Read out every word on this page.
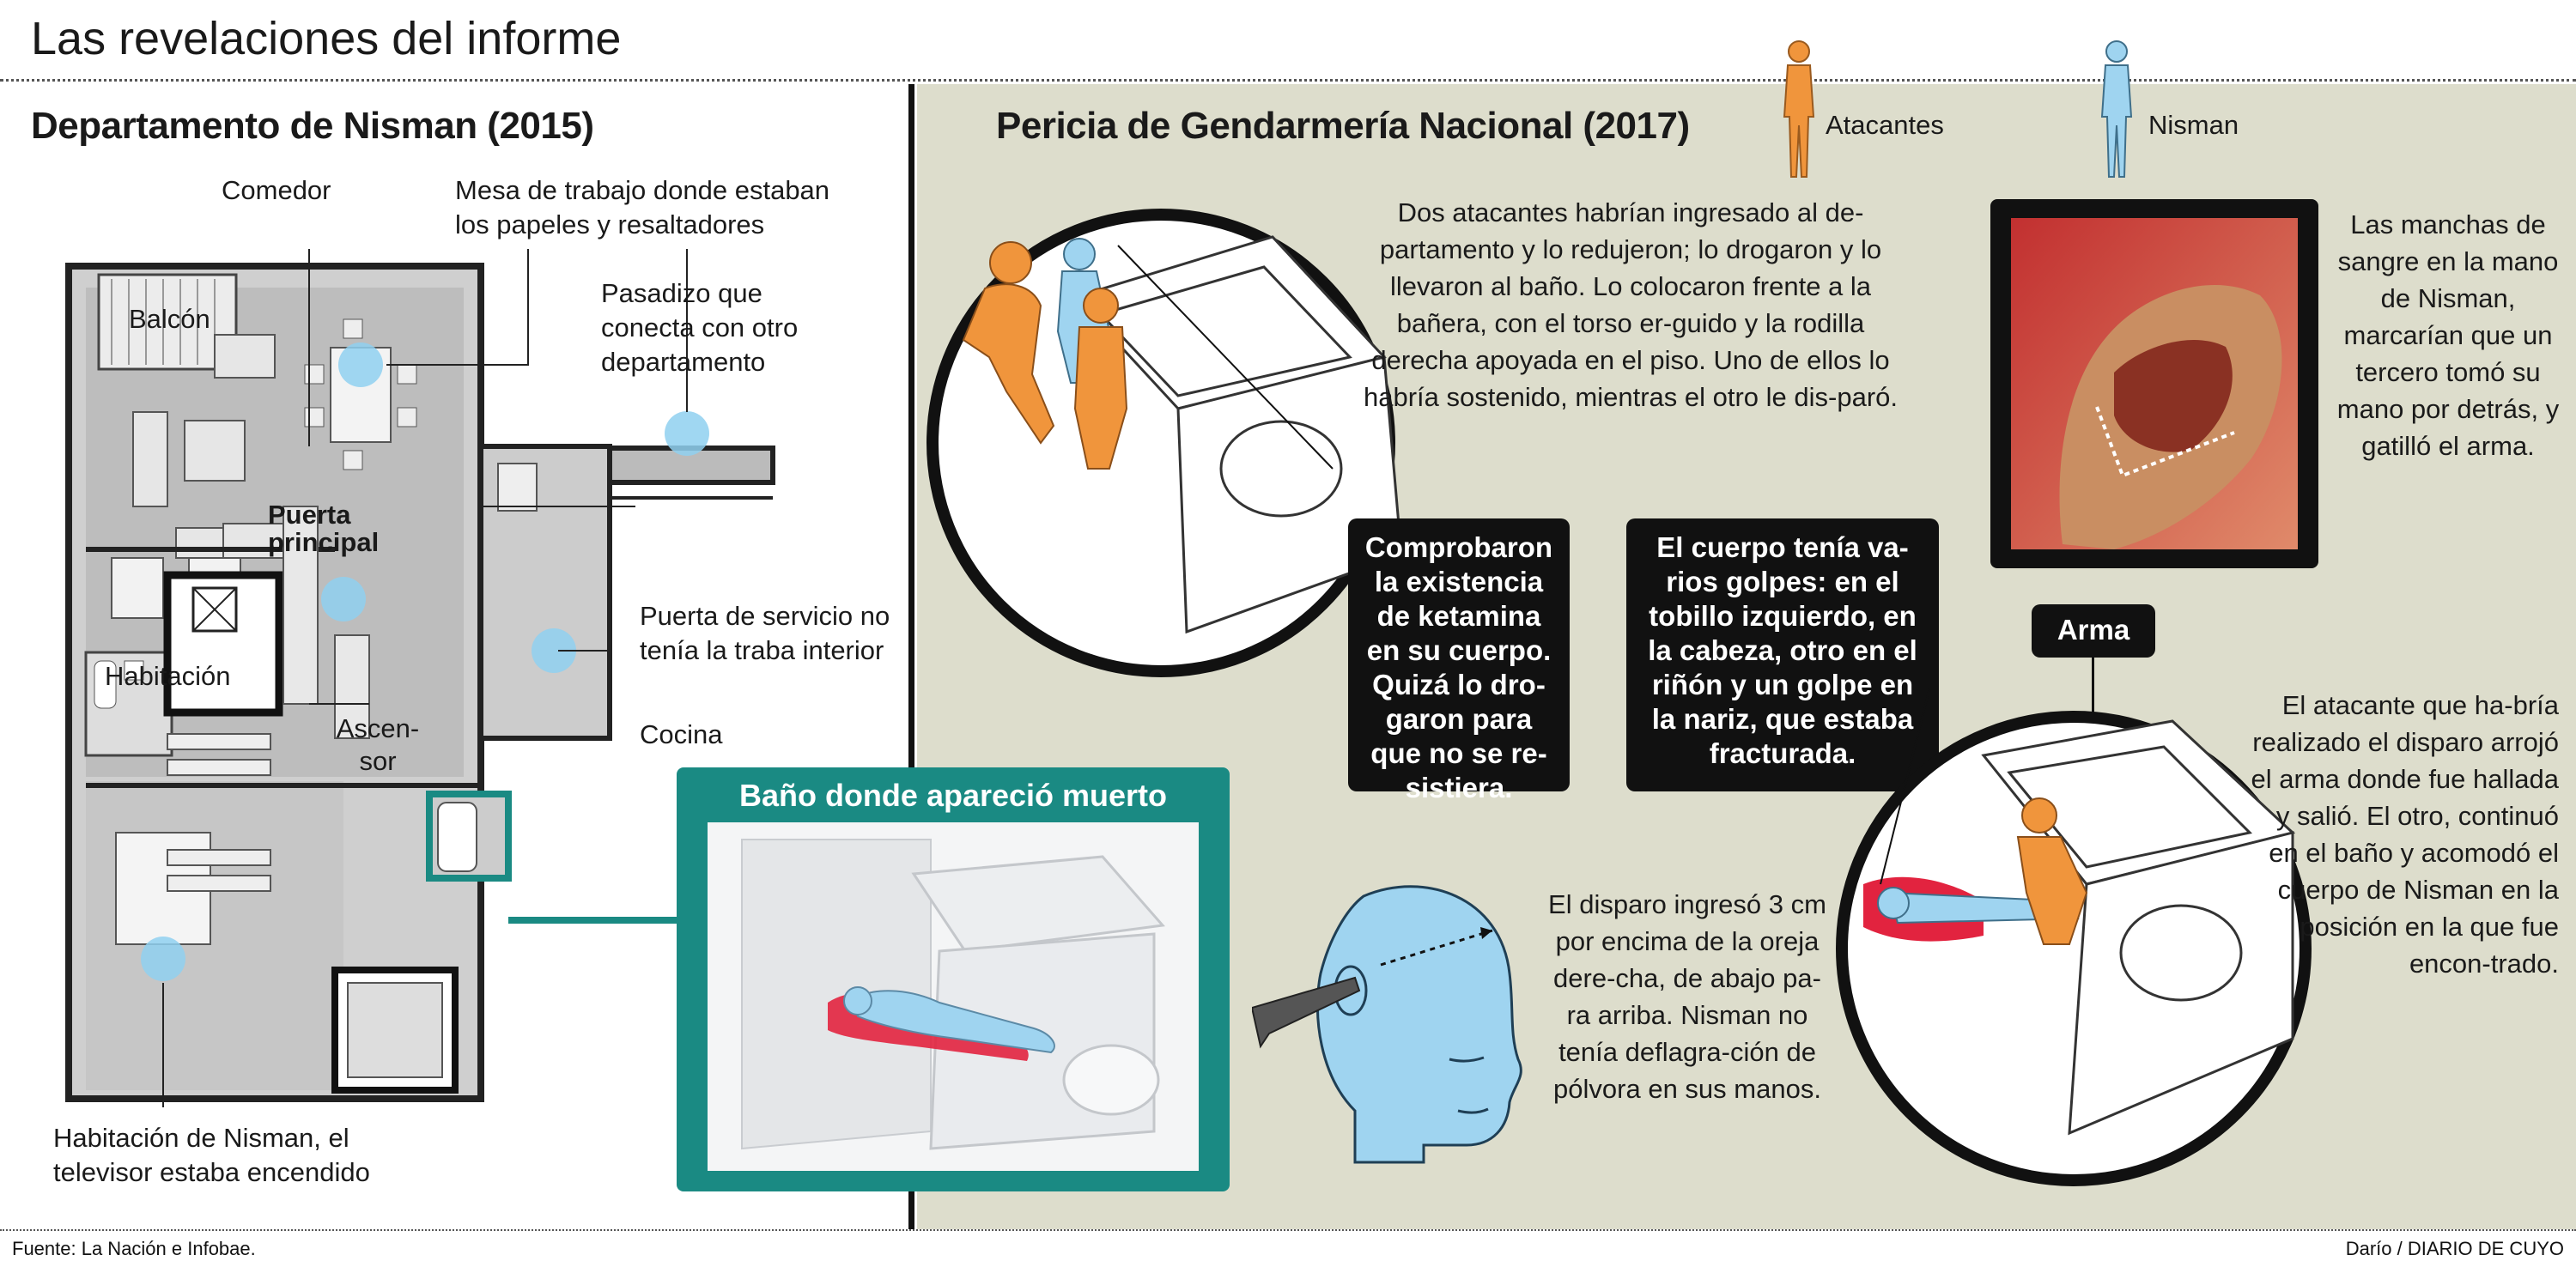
Las revelaciones del informe
Departamento de Nisman (2015)
Comedor	Mesa de trabajo donde estaban los papeles y resaltadores
Balcón
Pasadizo que conecta con otro departamento
Puerta principal
Puerta de servicio no tenía la traba interior
Habitación
Ascen-sor
Cocina
Habitación de Nisman, el televisor estaba encendido
Baño donde apareció muerto
Pericia de Gendarmería Nacional (2017)	Atacantes	Nisman
Dos atacantes habrían ingresado al de-partamento y lo redujeron; lo drogaron y lo llevaron al baño. Lo colocaron frente a la bañera, con el torso er-guido y la rodilla derecha apoyada en el piso. Uno de ellos lo habría sostenido, mientras el otro le dis-paró.
Comprobaron la existencia de ketamina en su cuerpo. Quizá lo dro-garon para que no se re-sistiera.
El cuerpo tenía va-rios golpes: en el tobillo izquierdo, en la cabeza, otro en el riñón y un golpe en la nariz, que estaba fracturada.
Las manchas de sangre en la mano de Nisman, marcarían que un tercero tomó su mano por detrás, y gatilló el arma.
Arma
El atacante que ha-bría realizado el disparo arrojó el arma donde fue hallada y salió. El otro, continuó en el baño y acomodó el cuerpo de Nisman en la posición en la que fue encon-trado.
El disparo ingresó 3 cm por encima de la oreja dere-cha, de abajo pa-ra arriba. Nisman no tenía deflagra-ción de pólvora en sus manos.
Fuente: La Nación e Infobae.	Darío / DIARIO DE CUYO
